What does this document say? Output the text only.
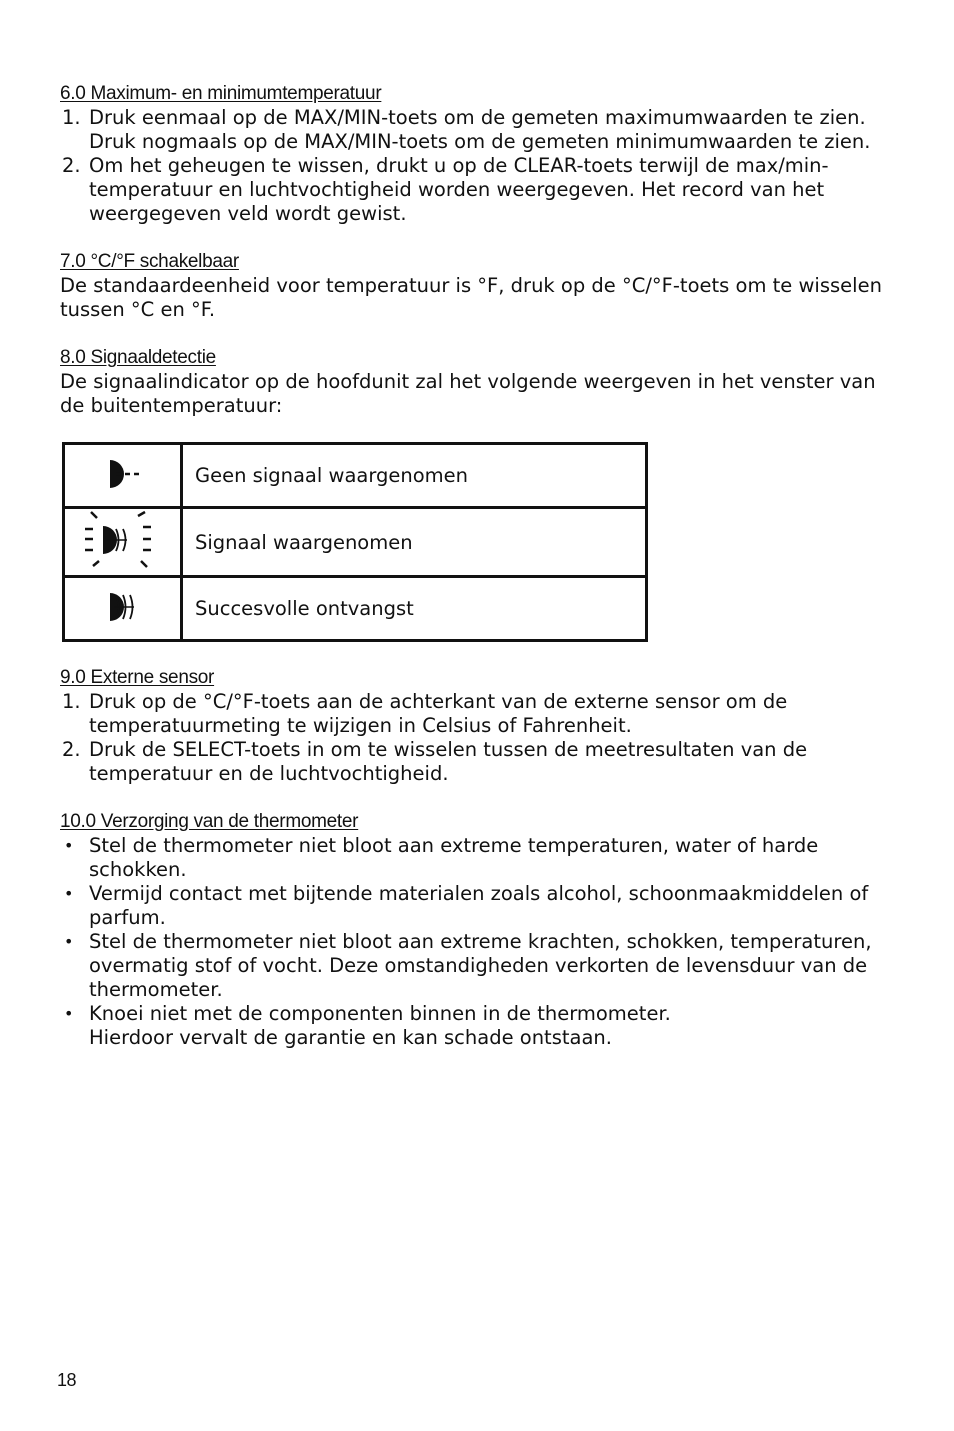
6.0 Maximum- en minimumtemperatuur
1. Druk eenmaal op de MAX/MIN-toets om de gemeten maximumwaarden te zien. Druk nogmaals op de MAX/MIN-toets om de gemeten minimumwaarden te zien.
2. Om het geheugen te wissen, drukt u op de CLEAR-toets terwijl de max/min-temperatuur en luchtvochtigheid worden weergegeven. Het record van het weergegeven veld wordt gewist.
7.0 °C/°F schakelbaar

De standaardeenheid voor temperatuur is °F, druk op de °C/°F-toets om te wisselen tussen °C en °F.

8.0 Signaaldetectie

De signaalindicator op de hoofdunit zal het volgende weergeven in het venster van de buitentemperatuur:

	Geen signaal waargenomen
	Signaal waargenomen
	Succesvolle ontvangst
9.0 Externe sensor
1. Druk op de °C/°F-toets aan de achterkant van de externe sensor om de temperatuurmeting te wijzigen in Celsius of Fahrenheit.
2. Druk de SELECT-toets in om te wisselen tussen de meetresultaten van de temperatuur en de luchtvochtigheid.
10.0 Verzorging van de thermometer
• Stel de thermometer niet bloot aan extreme temperaturen, water of harde schokken.
• Vermijd contact met bijtende materialen zoals alcohol, schoonmaakmiddelen of parfum.
• Stel de thermometer niet bloot aan extreme krachten, schokken, temperaturen, overmatig stof of vocht. Deze omstandigheden verkorten de levensduur van de thermometer.
• Knoei niet met de componenten binnen in de thermometer.
Hierdoor vervalt de garantie en kan schade ontstaan.
18
